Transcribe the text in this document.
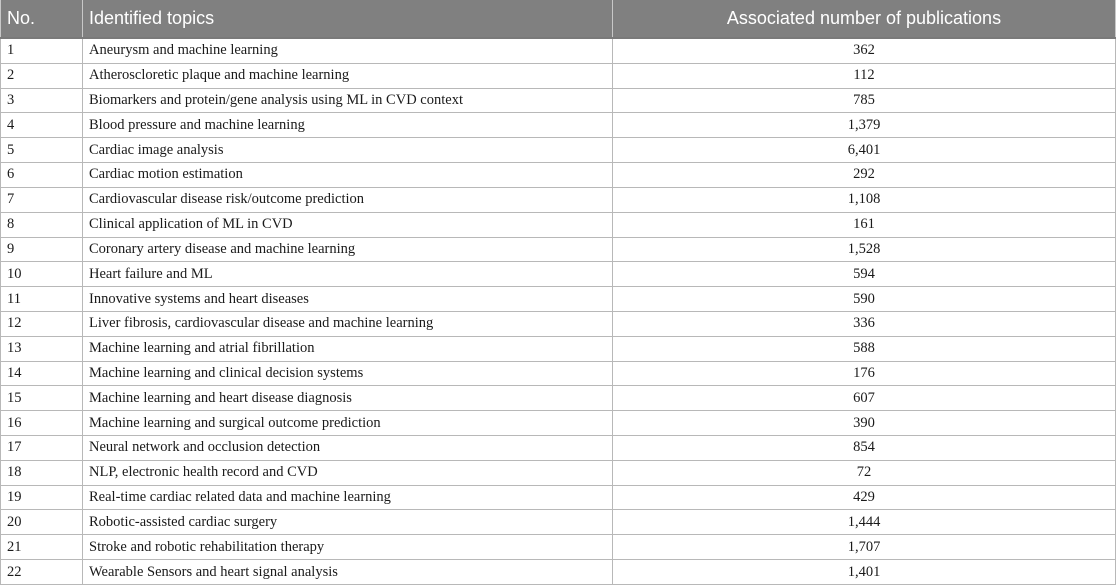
No.	Identified topics	Associated number of publications
1	Aneurysm and machine learning	362
2	Atheroscloretic plaque and machine learning	112
3	Biomarkers and protein/gene analysis using ML in CVD context	785
4	Blood pressure and machine learning	1,379
5	Cardiac image analysis	6,401
6	Cardiac motion estimation	292
7	Cardiovascular disease risk/outcome prediction	1,108
8	Clinical application of ML in CVD	161
9	Coronary artery disease and machine learning	1,528
10	Heart failure and ML	594
11	Innovative systems and heart diseases	590
12	Liver fibrosis, cardiovascular disease and machine learning	336
13	Machine learning and atrial fibrillation	588
14	Machine learning and clinical decision systems	176
15	Machine learning and heart disease diagnosis	607
16	Machine learning and surgical outcome prediction	390
17	Neural network and occlusion detection	854
18	NLP, electronic health record and CVD	72
19	Real-time cardiac related data and machine learning	429
20	Robotic-assisted cardiac surgery	1,444
21	Stroke and robotic rehabilitation therapy	1,707
22	Wearable Sensors and heart signal analysis	1,401
